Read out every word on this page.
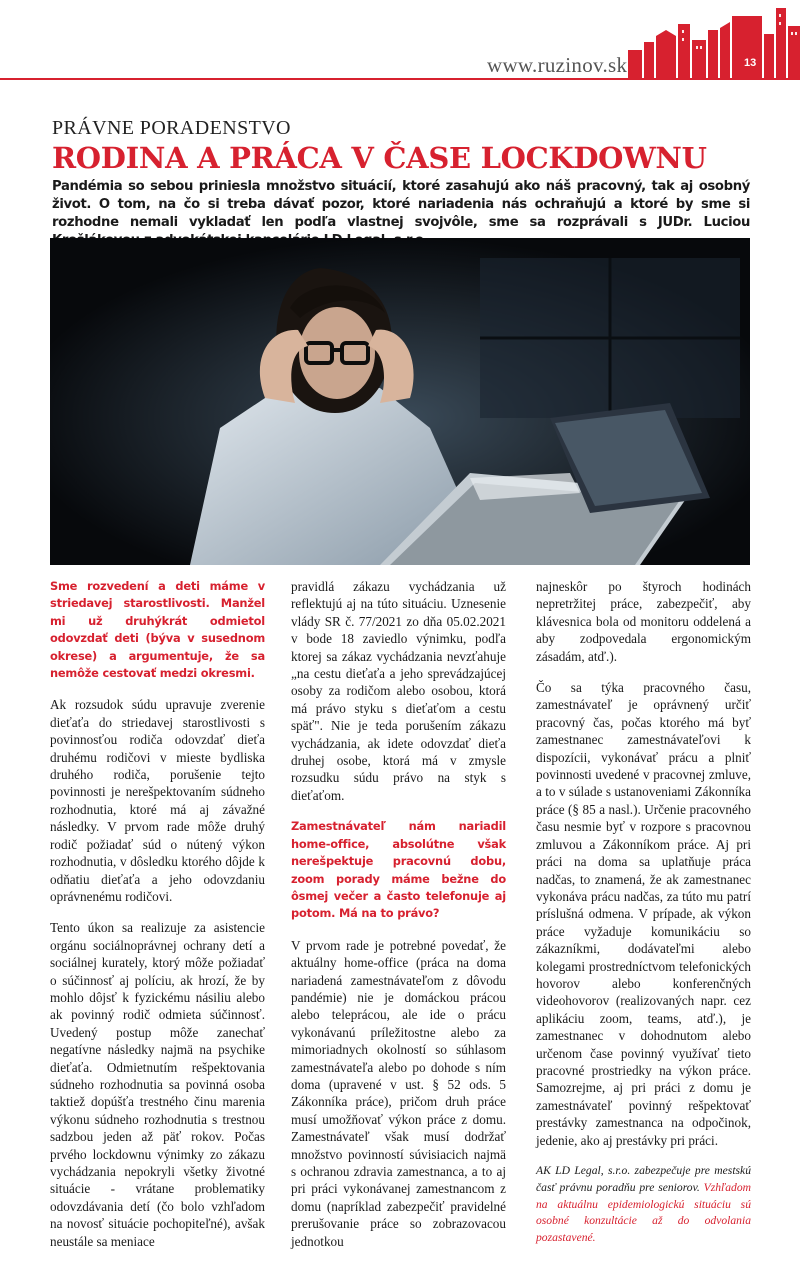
www.ruzinov.sk	13
PRÁVNE PORADENSTVO
RODINA A PRÁCA V ČASE LOCKDOWNU
Pandémia so sebou priniesla množstvo situácií, ktoré zasahujú ako náš pracovný, tak aj osobný život. O tom, na čo si treba dávať pozor, ktoré nariadenia nás ochraňujú a ktoré by sme si rozhodne nemali vykladať len podľa vlastnej svojvôle, sme sa rozprávali s JUDr. Luciou

Sme rozvedení a deti máme v striedavej starostlivosti. Manžel mi už druhýkrát odmietol odovzdať deti (býva v susednom okrese) a argumentuje, že sa nemôže cestovať medzi okresmi.

Ak rozsudok súdu upravuje zverenie dieťaťa do striedavej starostlivosti s povinnosťou rodiča odovzdať dieťa druhému rodičovi v mieste bydliska druhého rodiča, porušenie tejto povinnosti je nerešpektovaním súdneho rozhodnutia, ktoré má aj závažné následky. V prvom rade môže druhý rodič požiadať súd o nútený výkon rozhodnutia, v dôsledku ktorého dôjde k odňatiu dieťaťa a jeho odovzdaniu oprávnenému rodičovi.

Tento úkon sa realizuje za asistencie orgánu sociálnoprávnej ochrany detí a sociálnej kurately, ktorý môže požiadať o súčinnosť aj políciu, ak hrozí, že by mohlo dôjsť k fyzickému násiliu alebo ak povinný rodič odmieta súčinnosť. Uvedený postup môže zanechať negatívne následky najmä na psychike dieťaťa. Odmietnutím rešpektovania súdneho rozhodnutia sa povinná osoba taktiež dopúšťa trestného činu marenia výkonu súdneho rozhodnutia s trestnou sadzbou jeden až päť rokov. Počas prvého lockdownu výnimky zo zákazu vychádzania nepokryli všetky životné situácie - vrátane problematiky odovzdávania detí (čo bolo vzhľadom na novosť situácie pochopiteľné), avšak neustále sa meniace

pravidlá zákazu vychádzania už reflektujú aj na túto situáciu. Uznesenie vlády SR č. 77/2021 zo dňa 05.02.2021 v bode 18 zaviedlo výnimku, podľa ktorej sa zákaz vychádzania nevzťahuje „na cestu dieťaťa a jeho sprevádzajúcej osoby za rodičom alebo osobou, ktorá má právo styku s dieťaťom a cestu späť". Nie je teda porušením zákazu vychádzania, ak idete odovzdať dieťa druhej osobe, ktorá má v zmysle rozsudku súdu právo na styk s dieťaťom.

Zamestnávateľ nám nariadil home-office, absolútne však nerešpektuje pracovnú dobu, zoom porady máme bežne do ôsmej večer a často telefonuje aj potom. Má na to právo?

V prvom rade je potrebné povedať, že aktuálny home-office (práca na doma nariadená zamestnávateľom z dôvodu pandémie) nie je domáckou prácou alebo teleprácou, ale ide o prácu vykonávanú príležitostne alebo za mimoriadnych okolností so súhlasom zamestnávateľa alebo po dohode s ním doma (upravené v ust. § 52 ods. 5 Zákonníka práce), pričom druh práce musí umožňovať výkon práce z domu. Zamestnávateľ však musí dodržať množstvo povinností súvisiacich najmä s ochranou zdravia zamestnanca, a to aj pri práci vykonávanej zamestnancom z domu (napríklad zabezpečiť pravidelné prerušovanie práce so zobrazovacou jednotkou

najneskôr po štyroch hodinách nepretržitej práce, zabezpečiť, aby klávesnica bola od monitoru oddelená a aby zodpovedala ergonomickým zásadám, atď.).

Čo sa týka pracovného času, zamestnávateľ je oprávnený určiť pracovný čas, počas ktorého má byť zamestnanec zamestnávateľovi k dispozícii, vykonávať prácu a plniť povinnosti uvedené v pracovnej zmluve, a to v súlade s ustanoveniami Zákonníka práce (§ 85 a nasl.). Určenie pracovného času nesmie byť v rozpore s pracovnou zmluvou a Zákonníkom práce. Aj pri práci na doma sa uplatňuje práca nadčas, to znamená, že ak zamestnanec vykonáva prácu nadčas, za túto mu patrí príslušná odmena. V prípade, ak výkon práce vyžaduje komunikáciu so zákazníkmi, dodávateľmi alebo kolegami prostredníctvom telefonických hovorov alebo konferenčných videohovorov (realizovaných napr. cez aplikáciu zoom, teams, atď.), je zamestnanec v dohodnutom alebo určenom čase povinný využívať tieto pracovné prostriedky na výkon práce. Samozrejme, aj pri práci z domu je zamestnávateľ povinný rešpektovať prestávky zamestnanca na odpočinok, jedenie, ako aj prestávky pri práci.

AK LD Legal, s.r.o. zabezpečuje pre mestskú časť právnu poradňu pre seniorov. Vzhľadom na aktuálnu epidemiologickú situáciu sú osobné konzultácie až do odvolania pozastavené.
